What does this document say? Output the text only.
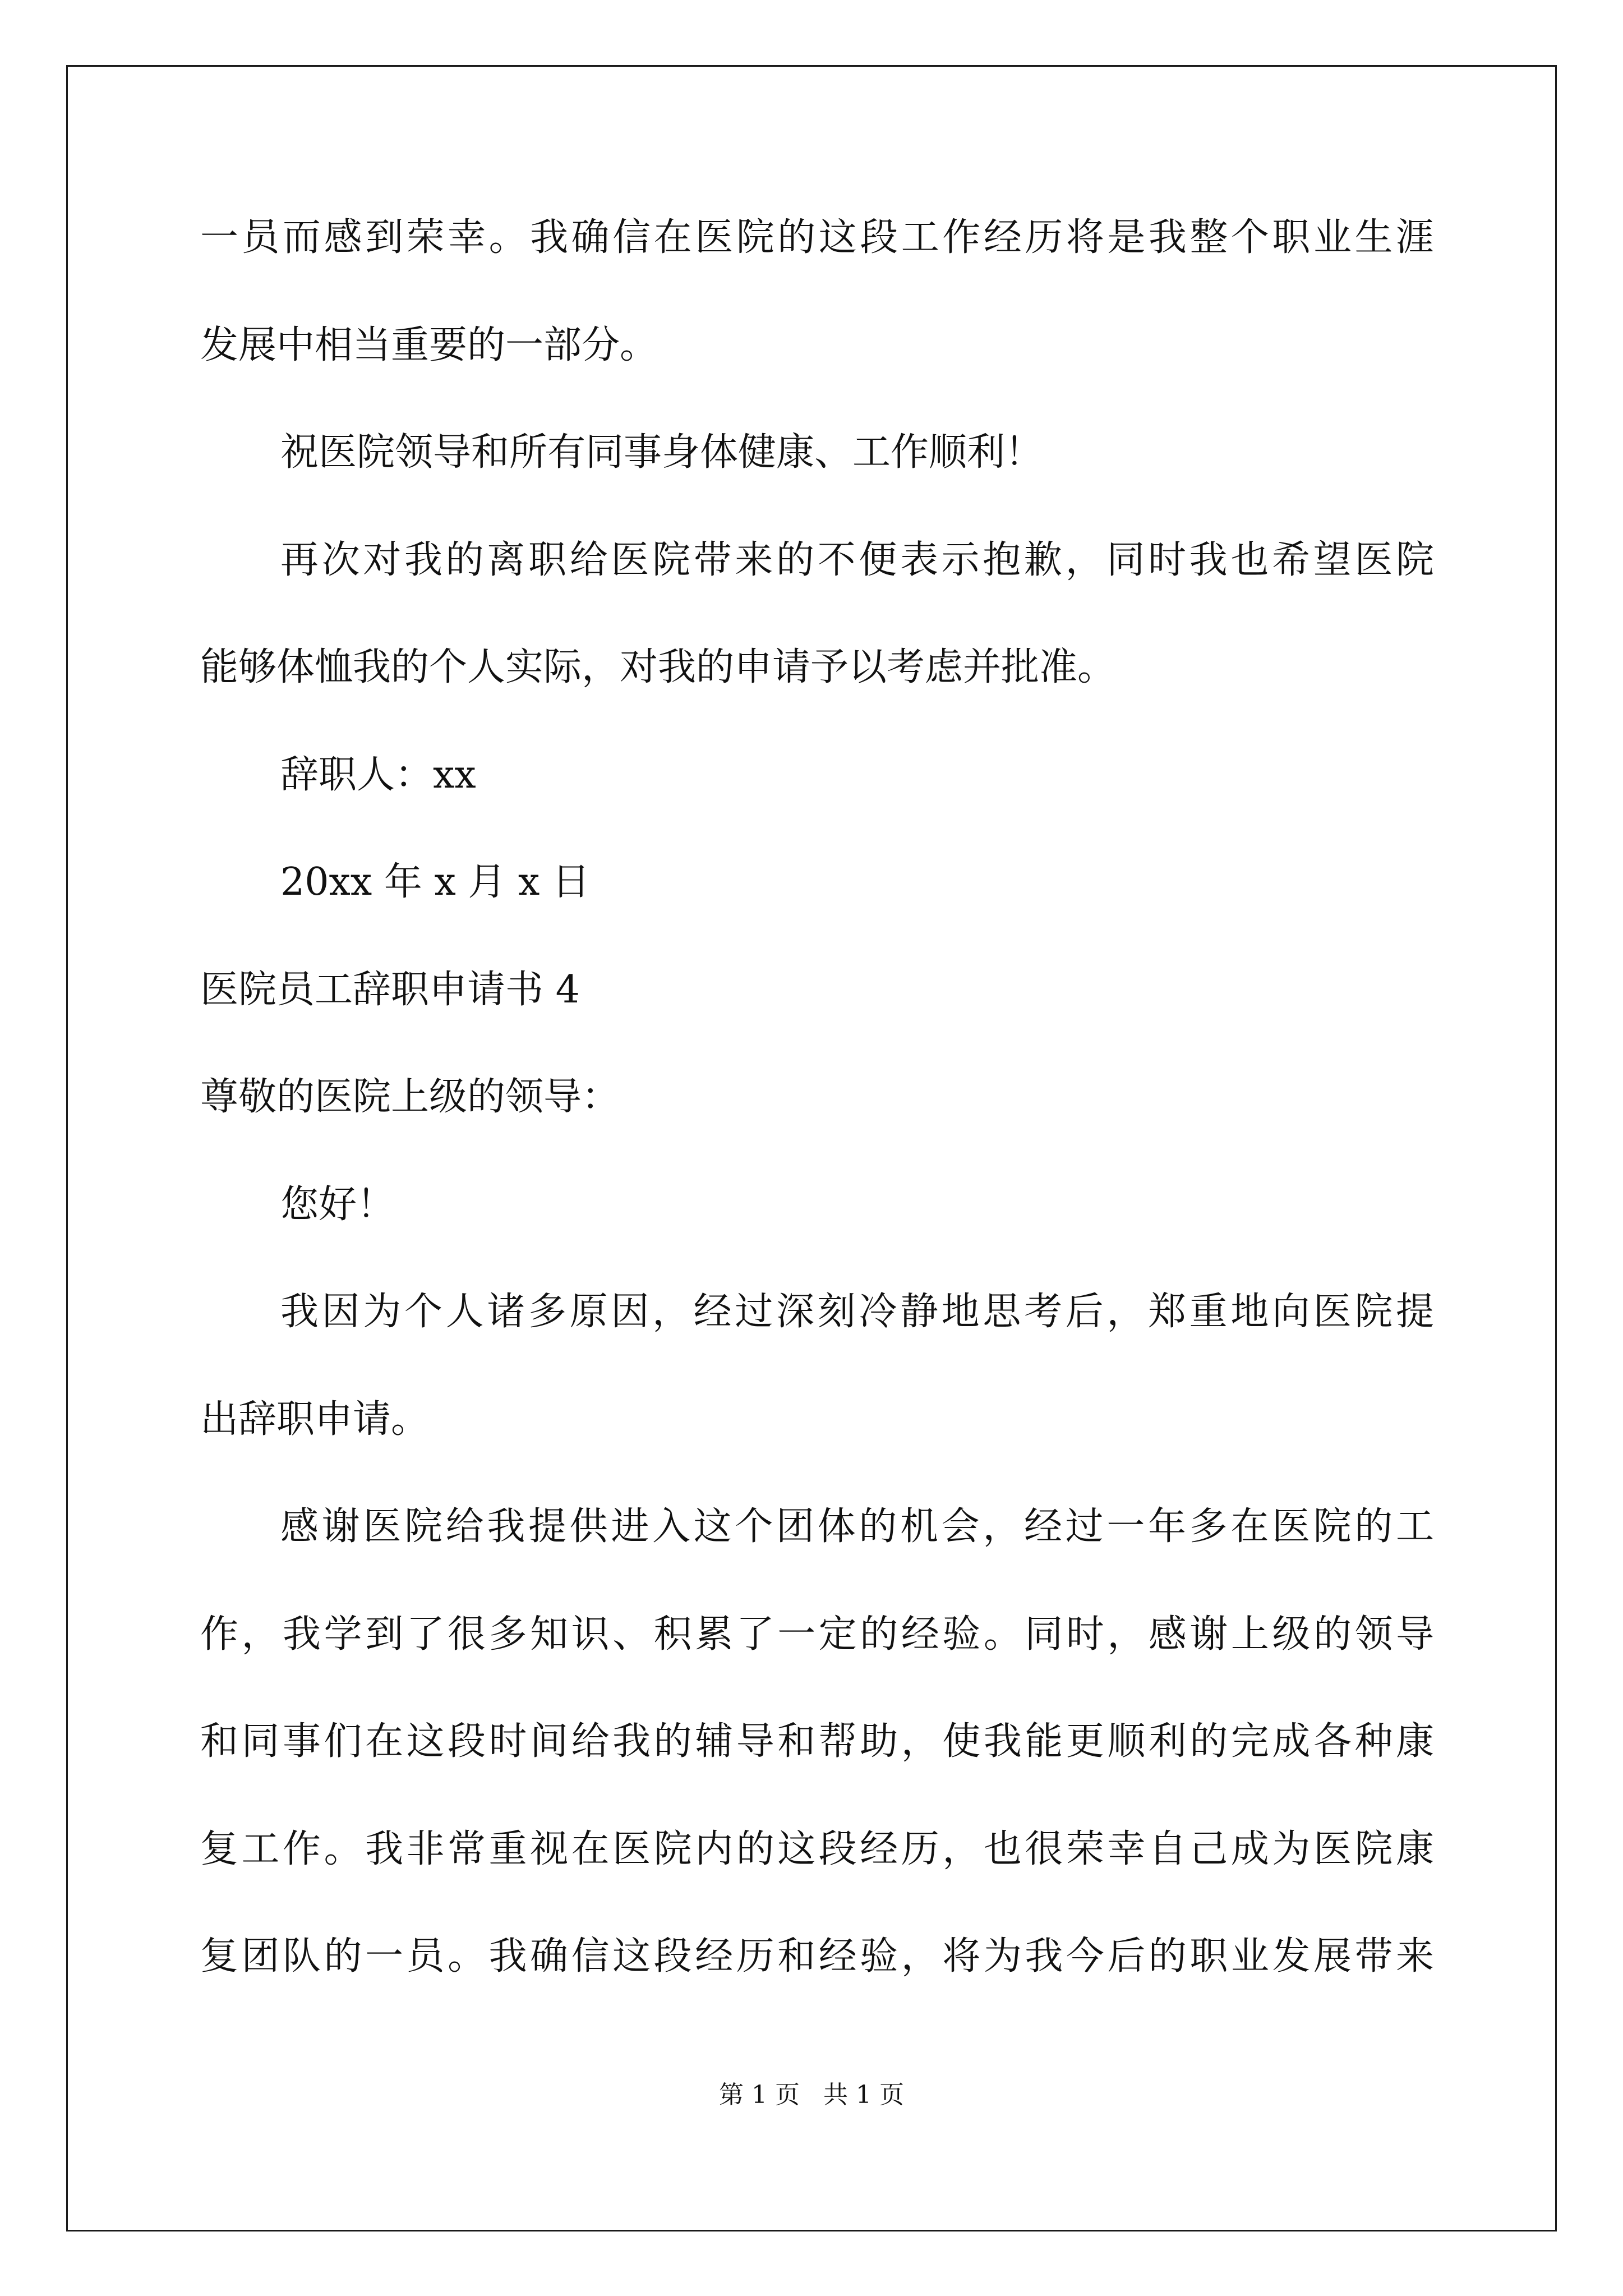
一员而感到荣幸。我确信在医院的这段工作经历将是我整个职业生涯
发展中相当重要的一部分。
祝医院领导和所有同事身体健康、工作顺利！
再次对我的离职给医院带来的不便表示抱歉，同时我也希望医院
能够体恤我的个人实际，对我的申请予以考虑并批准。
辞职人：xx
20xx 年 x 月 x 日
医院员工辞职申请书 4
尊敬的医院上级的领导：
您好！
我因为个人诸多原因，经过深刻冷静地思考后，郑重地向医院提
出辞职申请。
感谢医院给我提供进入这个团体的机会，经过一年多在医院的工
作，我学到了很多知识、积累了一定的经验。同时，感谢上级的领导
和同事们在这段时间给我的辅导和帮助，使我能更顺利的完成各种康
复工作。我非常重视在医院内的这段经历，也很荣幸自己成为医院康
复团队的一员。我确信这段经历和经验，将为我今后的职业发展带来
第 1 页 共 1 页
